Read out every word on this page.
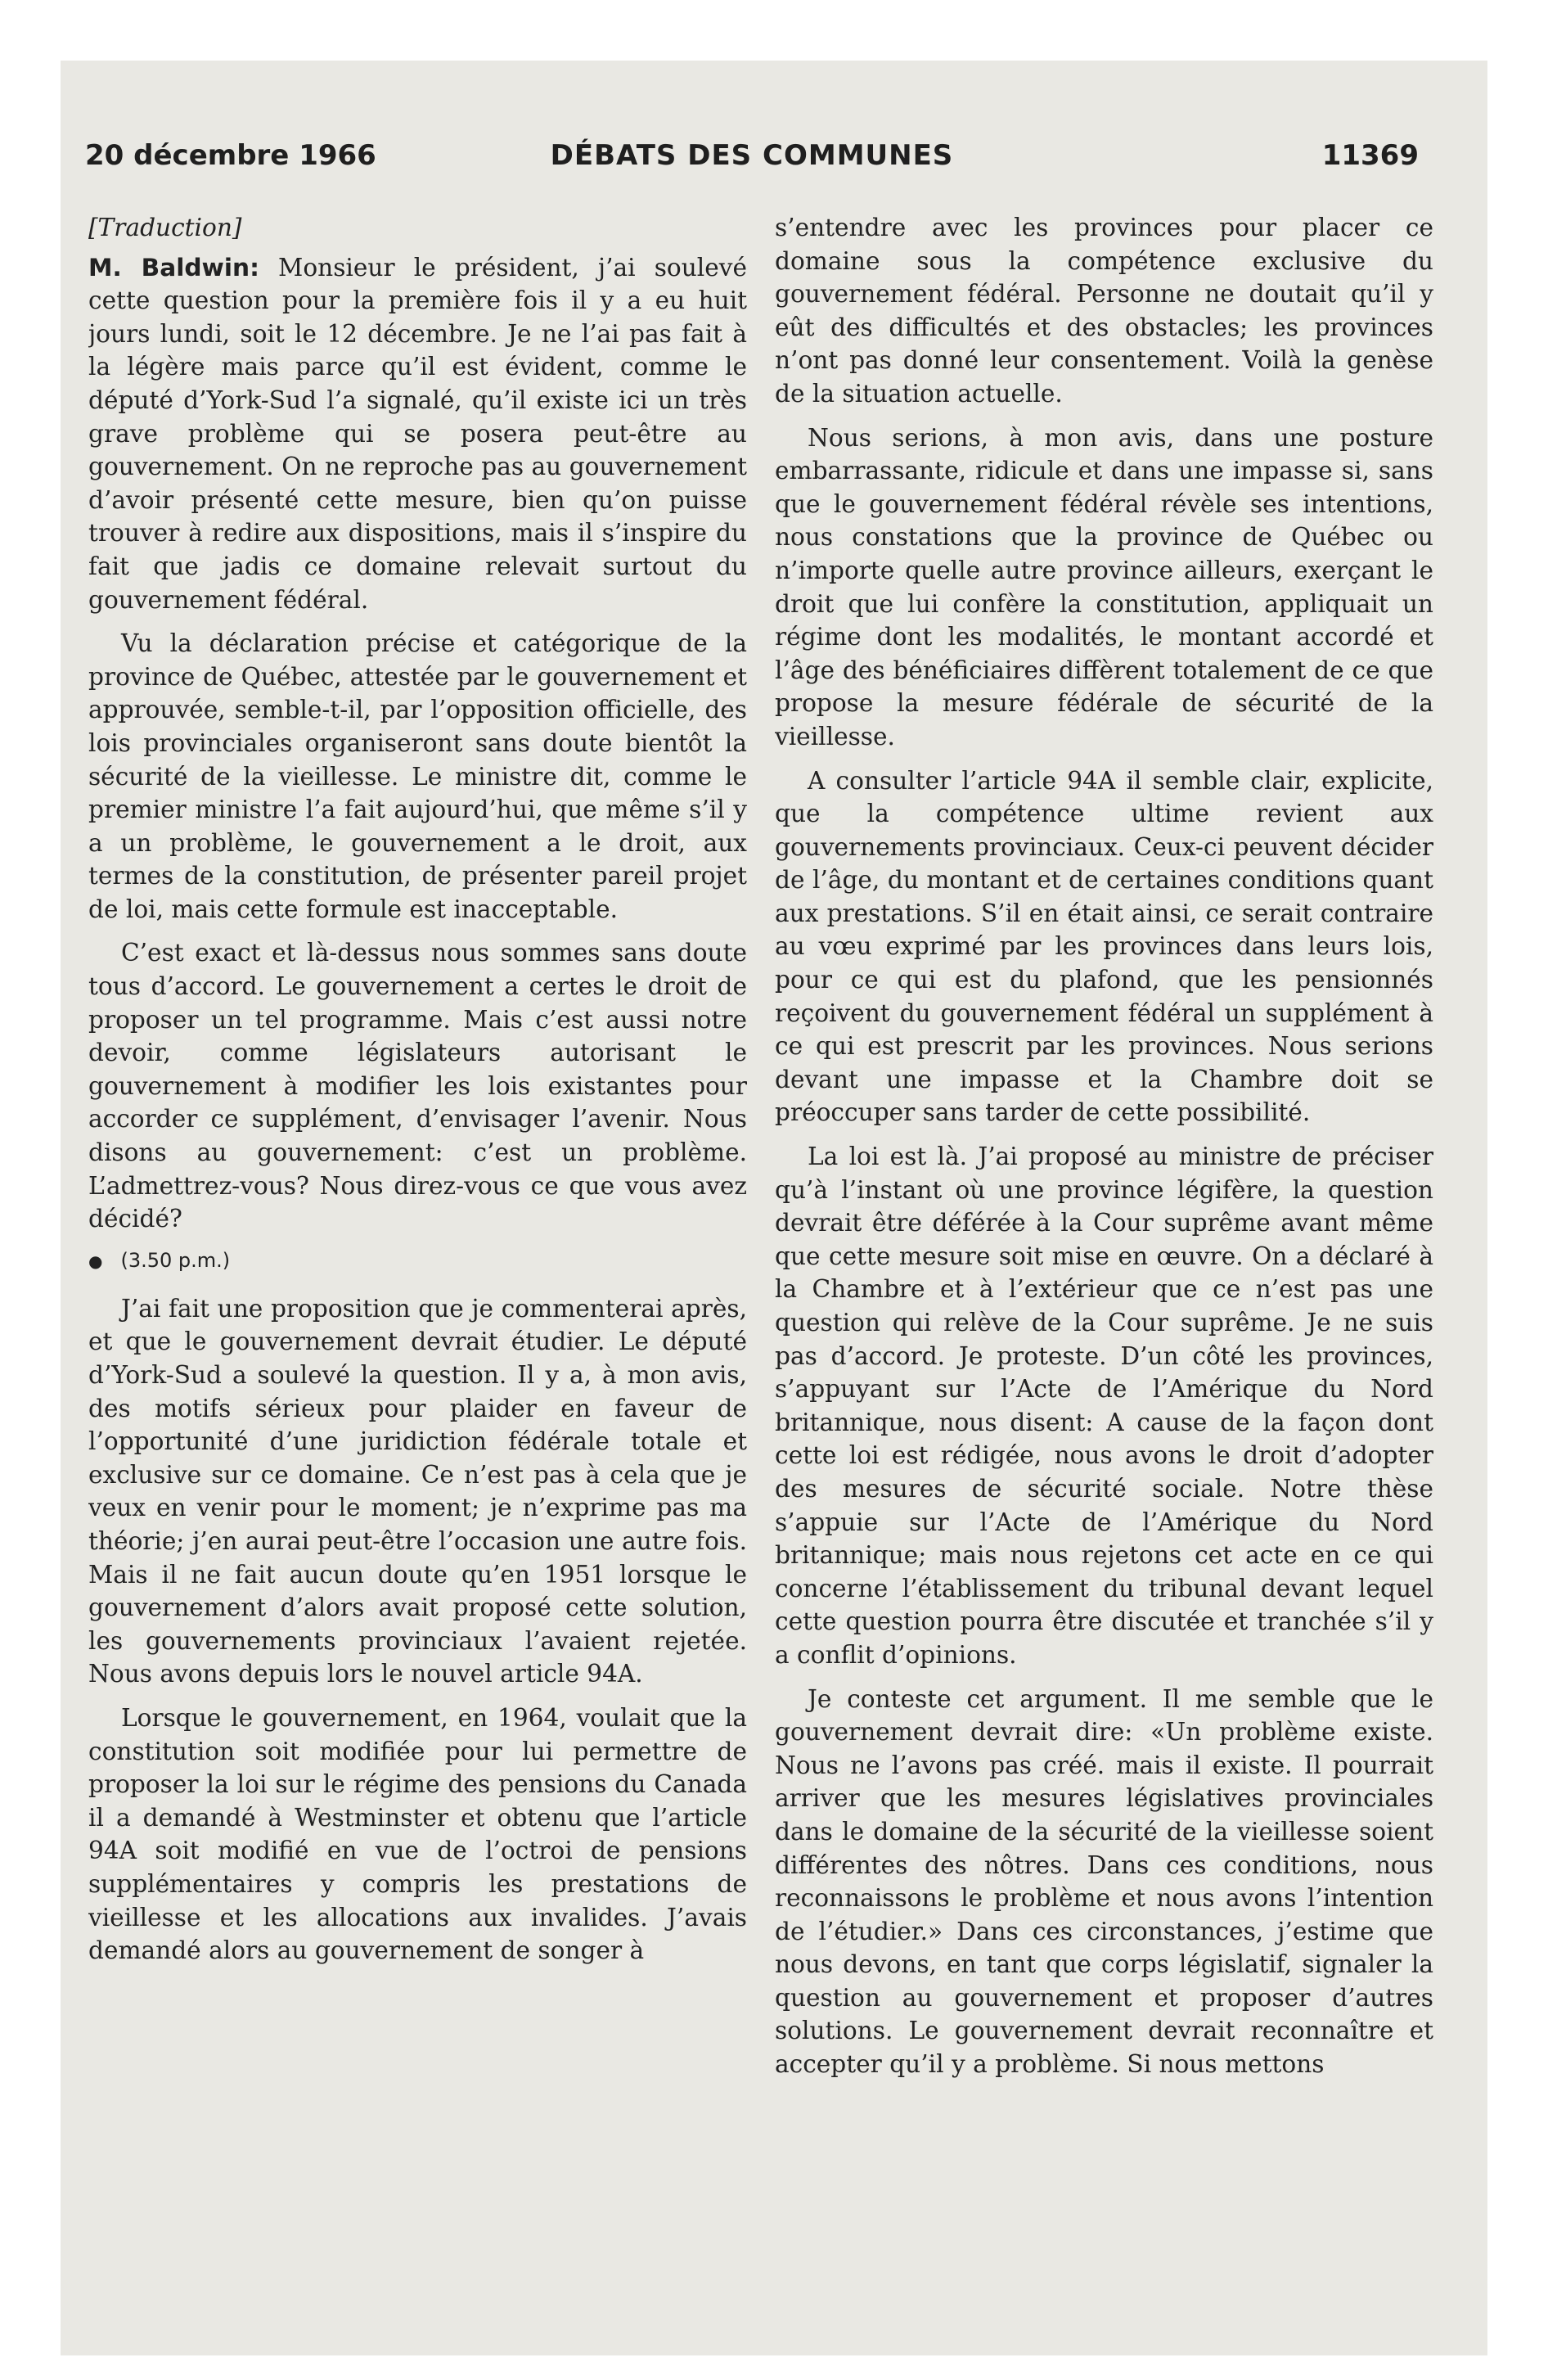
20 décembre 1966	DÉBATS DES COMMUNES	11369
[Traduction]

M. Baldwin: Monsieur le président, j’ai soulevé cette question pour la première fois il y a eu huit jours lundi, soit le 12 décembre. Je ne l’ai pas fait à la légère mais parce qu’il est évident, comme le député d’York-Sud l’a signalé, qu’il existe ici un très grave problème qui se posera peut-être au gouvernement. On ne reproche pas au gouvernement d’avoir présenté cette mesure, bien qu’on puisse trouver à redire aux dispositions, mais il s’inspire du fait que jadis ce domaine relevait surtout du gouvernement fédéral.

Vu la déclaration précise et catégorique de la province de Québec, attestée par le gouvernement et approuvée, semble-t-il, par l’opposition officielle, des lois provinciales organiseront sans doute bientôt la sécurité de la vieillesse. Le ministre dit, comme le premier ministre l’a fait aujourd’hui, que même s’il y a un problème, le gouvernement a le droit, aux termes de la constitution, de présenter pareil projet de loi, mais cette formule est inacceptable.

C’est exact et là-dessus nous sommes sans doute tous d’accord. Le gouvernement a certes le droit de proposer un tel programme. Mais c’est aussi notre devoir, comme législateurs autorisant le gouvernement à modifier les lois existantes pour accorder ce supplément, d’envisager l’avenir. Nous disons au gouvernement: c’est un problème. L’admettrez-vous? Nous direz-vous ce que vous avez décidé?

● (3.50 p.m.)

J’ai fait une proposition que je commenterai après, et que le gouvernement devrait étudier. Le député d’York-Sud a soulevé la question. Il y a, à mon avis, des motifs sérieux pour plaider en faveur de l’opportunité d’une juridiction fédérale totale et exclusive sur ce domaine. Ce n’est pas à cela que je veux en venir pour le moment; je n’exprime pas ma théorie; j’en aurai peut-être l’occasion une autre fois. Mais il ne fait aucun doute qu’en 1951 lorsque le gouvernement d’alors avait proposé cette solution, les gouvernements provinciaux l’avaient rejetée. Nous avons depuis lors le nouvel article 94A.

Lorsque le gouvernement, en 1964, voulait que la constitution soit modifiée pour lui permettre de proposer la loi sur le régime des pensions du Canada il a demandé à Westminster et obtenu que l’article 94A soit modifié en vue de l’octroi de pensions supplémentaires y compris les prestations de vieillesse et les allocations aux invalides. J’avais demandé alors au gouvernement de songer à

s’entendre avec les provinces pour placer ce domaine sous la compétence exclusive du gouvernement fédéral. Personne ne doutait qu’il y eût des difficultés et des obstacles; les provinces n’ont pas donné leur consentement. Voilà la genèse de la situation actuelle.

Nous serions, à mon avis, dans une posture embarrassante, ridicule et dans une impasse si, sans que le gouvernement fédéral révèle ses intentions, nous constations que la province de Québec ou n’importe quelle autre province ailleurs, exerçant le droit que lui confère la constitution, appliquait un régime dont les modalités, le montant accordé et l’âge des bénéficiaires diffèrent totalement de ce que propose la mesure fédérale de sécurité de la vieillesse.

A consulter l’article 94A il semble clair, explicite, que la compétence ultime revient aux gouvernements provinciaux. Ceux-ci peuvent décider de l’âge, du montant et de certaines conditions quant aux prestations. S’il en était ainsi, ce serait contraire au vœu exprimé par les provinces dans leurs lois, pour ce qui est du plafond, que les pensionnés reçoivent du gouvernement fédéral un supplément à ce qui est prescrit par les provinces. Nous serions devant une impasse et la Chambre doit se préoccuper sans tarder de cette possibilité.

La loi est là. J’ai proposé au ministre de préciser qu’à l’instant où une province légifère, la question devrait être déférée à la Cour suprême avant même que cette mesure soit mise en œuvre. On a déclaré à la Chambre et à l’extérieur que ce n’est pas une question qui relève de la Cour suprême. Je ne suis pas d’accord. Je proteste. D’un côté les provinces, s’appuyant sur l’Acte de l’Amérique du Nord britannique, nous disent: A cause de la façon dont cette loi est rédigée, nous avons le droit d’adopter des mesures de sécurité sociale. Notre thèse s’appuie sur l’Acte de l’Amérique du Nord britannique; mais nous rejetons cet acte en ce qui concerne l’établissement du tribunal devant lequel cette question pourra être discutée et tranchée s’il y a conflit d’opinions.

Je conteste cet argument. Il me semble que le gouvernement devrait dire: «Un problème existe. Nous ne l’avons pas créé. mais il existe. Il pourrait arriver que les mesures législatives provinciales dans le domaine de la sécurité de la vieillesse soient différentes des nôtres. Dans ces conditions, nous reconnaissons le problème et nous avons l’intention de l’étudier.» Dans ces circonstances, j’estime que nous devons, en tant que corps législatif, signaler la question au gouvernement et proposer d’autres solutions. Le gouvernement devrait reconnaître et accepter qu’il y a problème. Si nous mettons
